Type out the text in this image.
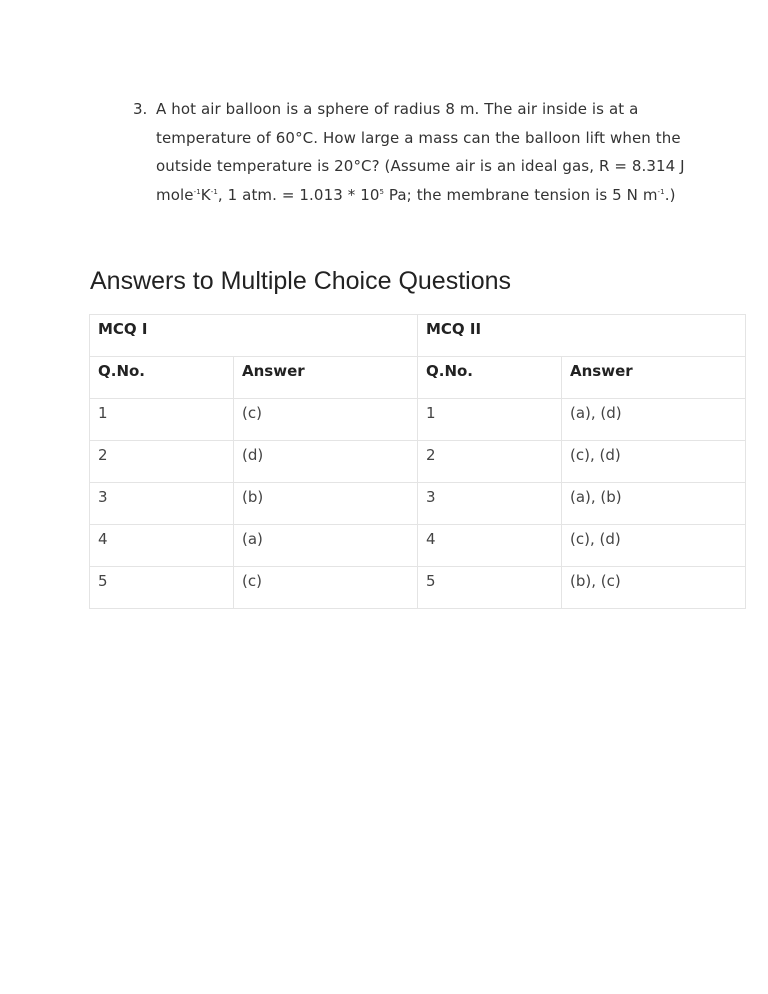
3. A hot air balloon is a sphere of radius 8 m. The air inside is at a temperature of 60°C. How large a mass can the balloon lift when the outside temperature is 20°C? (Assume air is an ideal gas, R = 8.314 J $mole^{-1}K^{-1}$, 1 atm. = $1.013 * 10^5$ Pa; the membrane tension is 5 N $m^{-1}$.)
Answers to Multiple Choice Questions
MCQ I		MCQ II	
Q.No.	Answer	Q.No.	Answer
1	(c)	1	(a), (d)
2	(d)	2	(c), (d)
3	(b)	3	(a), (b)
4	(a)	4	(c), (d)
5	(c)	5	(b), (c)
